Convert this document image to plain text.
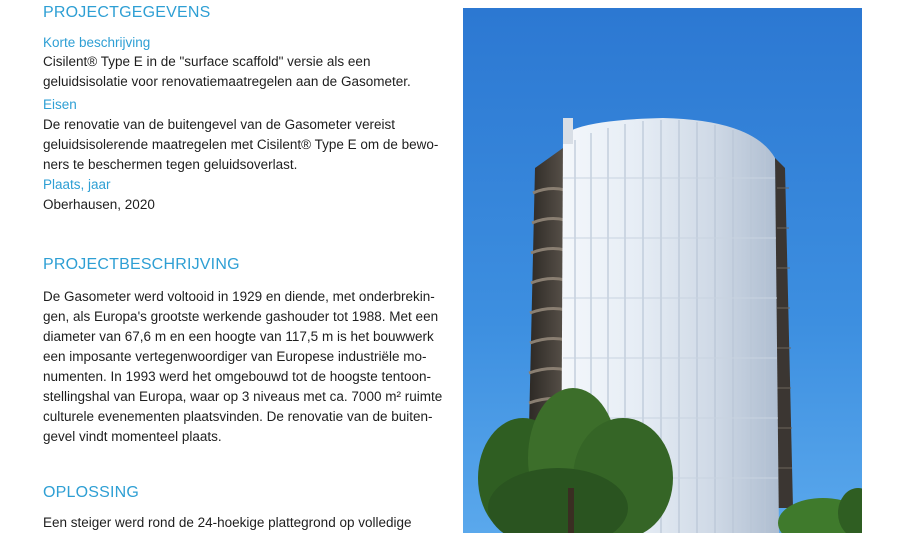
PROJECTGEGEVENS
Korte beschrijving
Cisilent® Type E in de "surface scaffold" versie als een
geluidsisolatie voor renovatiemaatregelen aan de Gasometer.
Eisen
De renovatie van de buitengevel van de Gasometer vereist
geluidsisolerende maatregelen met Cisilent® Type E om de bewo-
ners te beschermen tegen geluidsoverlast.
Plaats, jaar
Oberhausen, 2020
PROJECTBESCHRIJVING
De Gasometer werd voltooid in 1929 en diende, met onderbrekin-
gen, als Europa's grootste werkende gashouder tot 1988. Met een
diameter van 67,6 m en een hoogte van 117,5 m is het bouwwerk
een imposante vertegenwoordiger van Europese industriële mo-
numenten. In 1993 werd het omgebouwd tot de hoogste tentoon-
stellingshal van Europa, waar op 3 niveaus met ca. 7000 m² ruimte
culturele evenementen plaatsvinden. De renovatie van de buiten-
gevel vindt momenteel plaats.
OPLOSSING
Een steiger werd rond de 24-hoekige plattegrond op volledige
